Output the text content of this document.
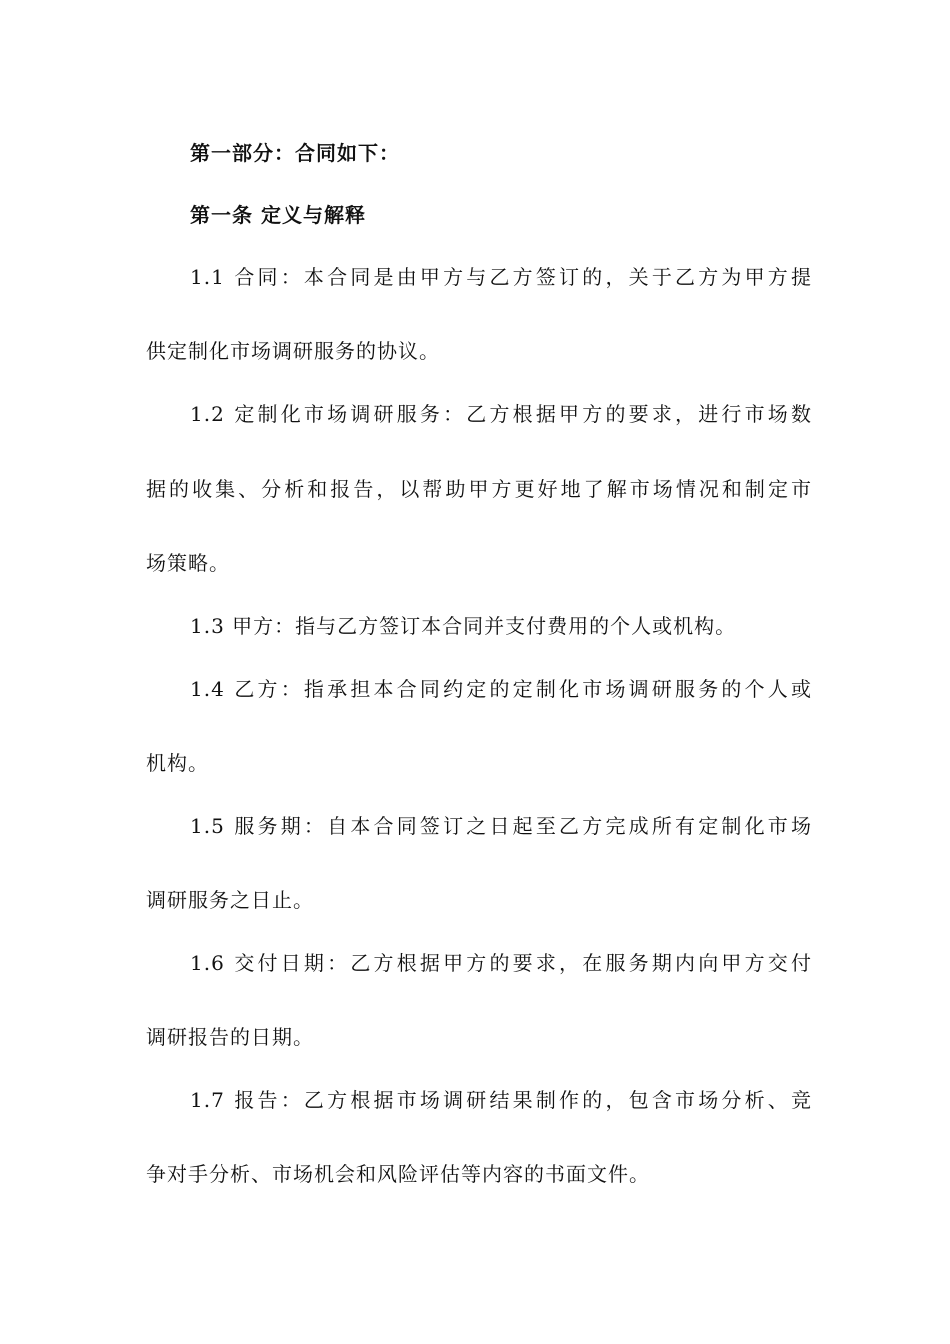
第一部分：合同如下：
第一条 定义与解释
1.1 合同：本合同是由甲方与乙方签订的，关于乙方为甲方提
供定制化市场调研服务的协议。
1.2 定制化市场调研服务：乙方根据甲方的要求，进行市场数
据的收集、分析和报告，以帮助甲方更好地了解市场情况和制定市
场策略。
1.3 甲方：指与乙方签订本合同并支付费用的个人或机构。
1.4 乙方：指承担本合同约定的定制化市场调研服务的个人或
机构。
1.5 服务期：自本合同签订之日起至乙方完成所有定制化市场
调研服务之日止。
1.6 交付日期：乙方根据甲方的要求，在服务期内向甲方交付
调研报告的日期。
1.7 报告：乙方根据市场调研结果制作的，包含市场分析、竞
争对手分析、市场机会和风险评估等内容的书面文件。
